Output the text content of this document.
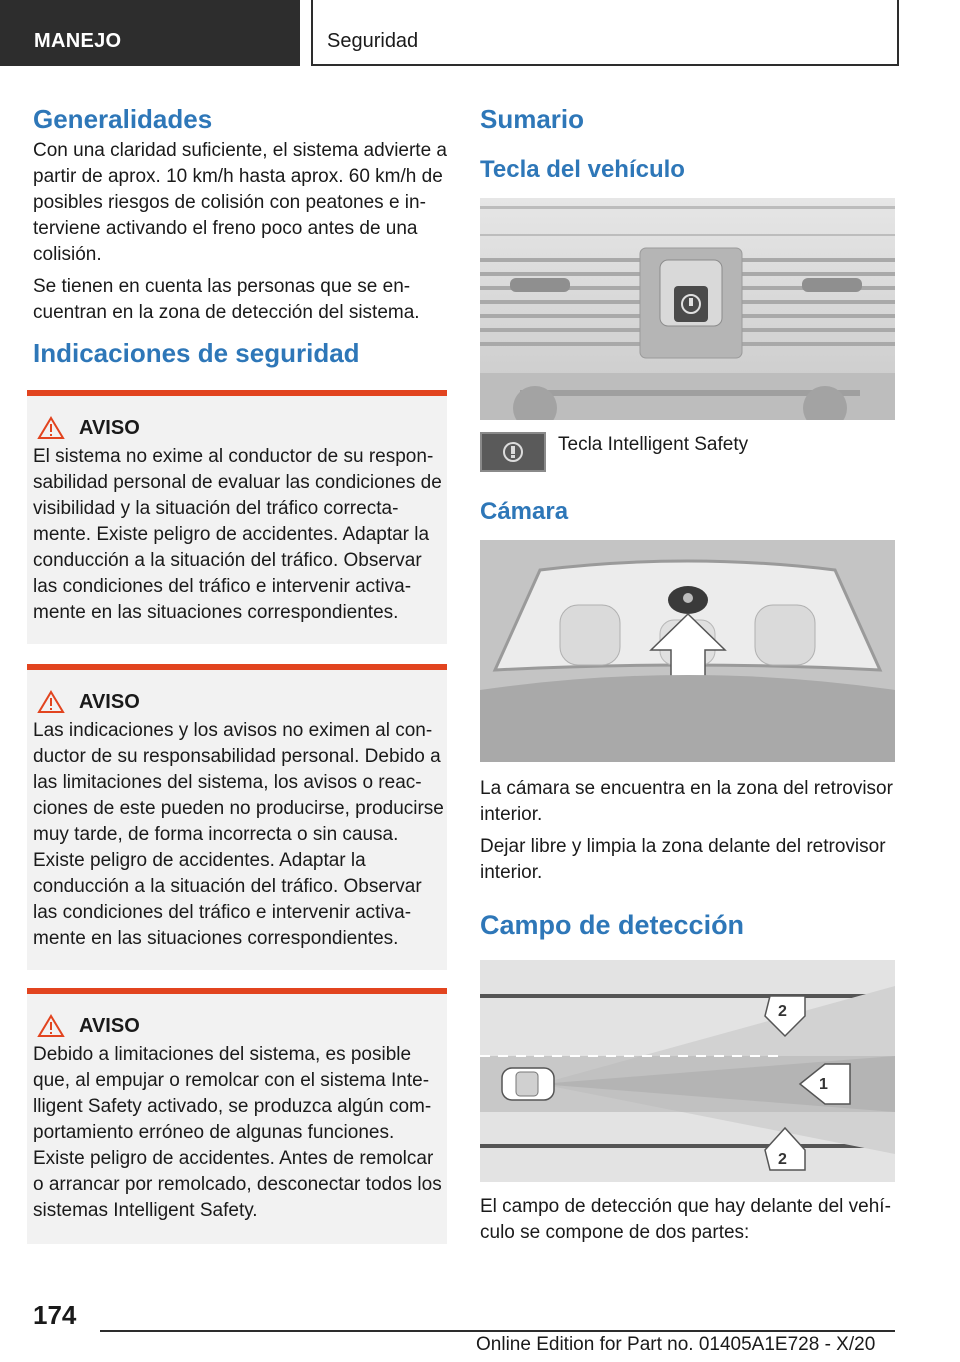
MANEJO	Seguridad
Generalidades

Con una claridad suficiente, el sistema advierte a partir de aprox. 10 km/h hasta aprox. 60 km/h de posibles riesgos de colisión con peatones e interviene activando el freno poco antes de una colisión.

Se tienen en cuenta las personas que se encuentran en la zona de detección del sistema.

Indicaciones de seguridad
AVISO

El sistema no exime al conductor de su responsabilidad personal de evaluar las condiciones de visibilidad y la situación del tráfico correctamente. Existe peligro de accidentes. Adaptar la conducción a la situación del tráfico. Observar las condiciones del tráfico e intervenir activamente en las situaciones correspondientes.

AVISO

Las indicaciones y los avisos no eximen al conductor de su responsabilidad personal. Debido a las limitaciones del sistema, los avisos o reacciones de este pueden no producirse, producirse muy tarde, de forma incorrecta o sin causa. Existe peligro de accidentes. Adaptar la conducción a la situación del tráfico. Observar las condiciones del tráfico e intervenir activamente en las situaciones correspondientes.

AVISO

Debido a limitaciones del sistema, es posible que, al empujar o remolcar con el sistema Intelligent Safety activado, se produzca algún comportamiento erróneo de algunas funciones. Existe peligro de accidentes. Antes de remolcar o arrancar por remolcado, desconectar todos los sistemas Intelligent Safety.

Sumario
Tecla del vehículo

Tecla Intelligent Safety

Cámara

La cámara se encuentra en la zona del retrovisor interior.

Dejar libre y limpia la zona delante del retrovisor interior.

Campo de detección
2
1
2

El campo de detección que hay delante del vehículo se compone de dos partes:

174
Online Edition for Part no. 01405A1E728 - X/20
